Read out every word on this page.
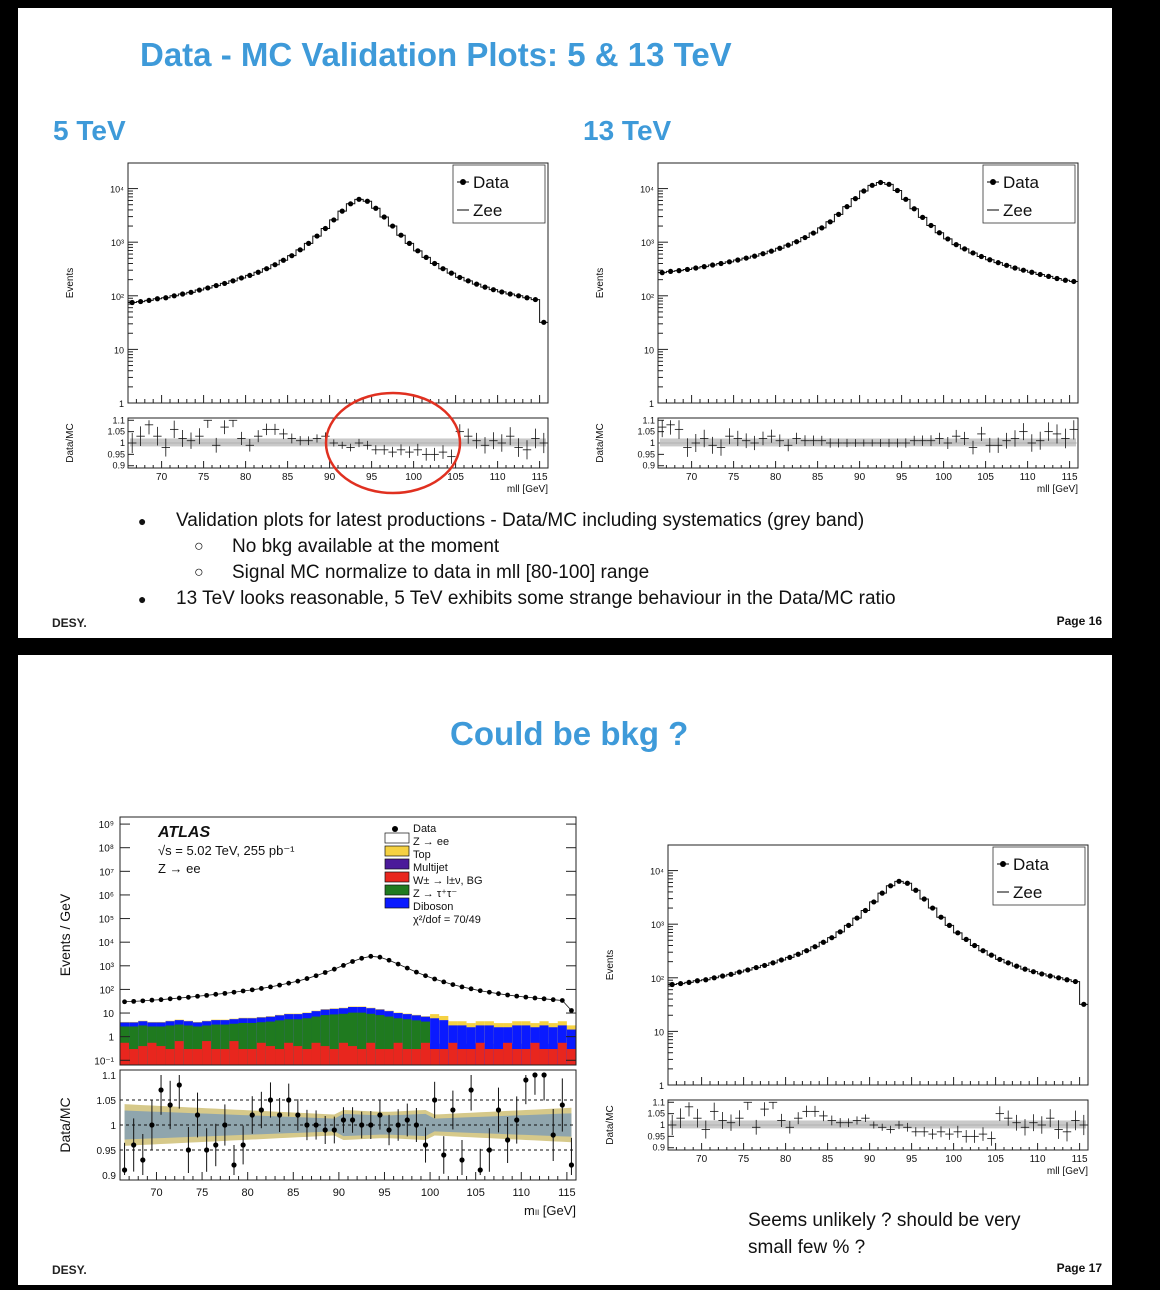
Data - MC Validation Plots: 5 & 13 TeV
5 TeV	13 TeV
Events
Data/MC
10⁴
10³
10²
10
1
1.1
1.05
1
0.95
0.9
70	75	80	85	90	95	100	105	110	115
mll [GeV]
Data
Zee
Events
Data/MC
10⁴
10³
10²
10
1
1.1
1.05
1
0.95
0.9
70	75	80	85	90	95	100	105	110	115
mll [GeV]
Data
Zee
● Validation plots for latest productions - Data/MC including systematics (grey band)
○ No bkg available at the moment
○ Signal MC normalize to data in mll [80-100] range
● 13 TeV looks reasonable, 5 TeV exhibits some strange behaviour in the Data/MC ratio
DESY.	Page 16
Could be bkg ?
10⁹
10⁸
10⁷
10⁶
10⁵
10⁴
10³
10²
10
1
10⁻¹
Events / GeV
Data/MC
1.1
1.05
1
0.95
0.9
70	75	80	85	90	95	100 105	110	115
mₗₗ [GeV]
ATLAS
√s = 5.02 TeV, 255 pb⁻¹
Z → ee
Data
Z → ee
Top
Multijet
W± → l±ν, BG
Z → τ⁺τ⁻
Diboson
χ²/dof = 70/49
Events
Data/MC
10⁴
10³
10²
10
1
1.1
1.05
1
0.95
0.9
70	75	80	85	90	95	100	105	110	115
mll [GeV]
Data
Zee
Seems unlikely ? should be very small few % ?
DESY.	Page 17
